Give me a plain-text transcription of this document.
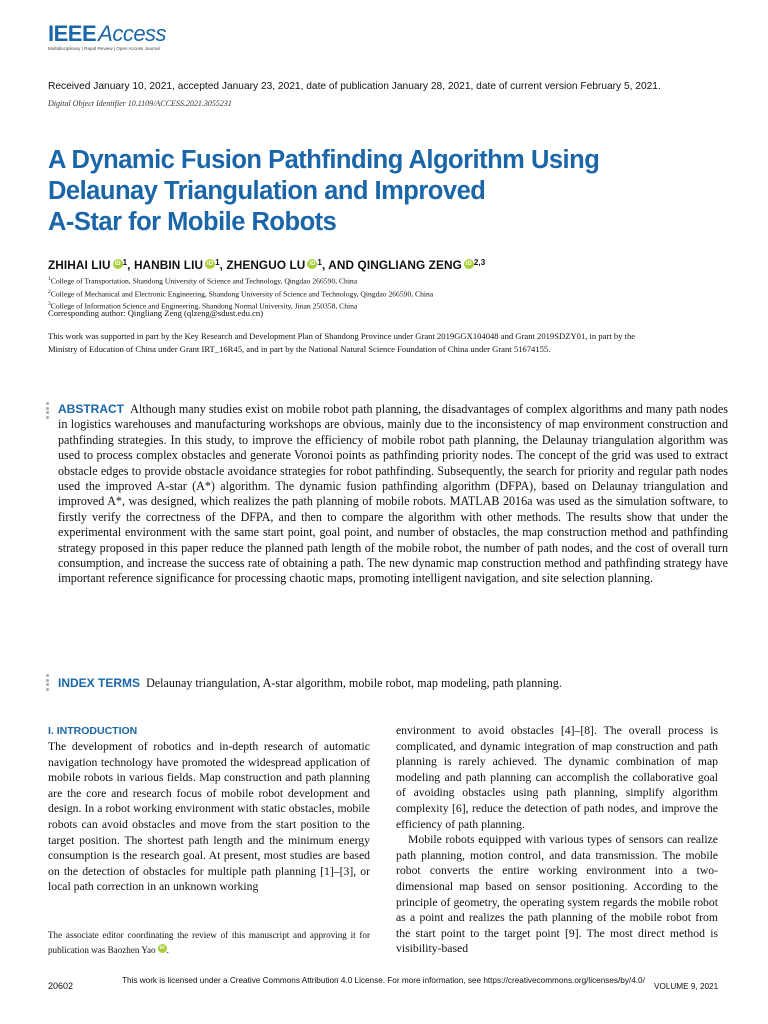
IEEEAccess
Multidisciplinary | Rapid Review | Open Access Journal
Received January 10, 2021, accepted January 23, 2021, date of publication January 28, 2021, date of current version February 5, 2021.
Digital Object Identifier 10.1109/ACCESS.2021.3055231
A Dynamic Fusion Pathfinding Algorithm Using
Delaunay Triangulation and Improved
A-Star for Mobile Robots
ZHIHAI LIU iD $^1$, HANBIN LIU iD $^1$, ZHENGUO LU iD $^1$, AND QINGLIANG ZENG iD $^{2,3}$
$^1$College of Transportation, Shandong University of Science and Technology, Qingdao 266590, China
$^2$College of Mechanical and Electronic Engineering, Shandong University of Science and Technology, Qingdao 266590, China
$^3$College of Information Science and Engineering, Shandong Normal University, Jinan 250358, China
Corresponding author: Qingliang Zeng (qlzeng@sdust.edu.cn)
This work was supported in part by the Key Research and Development Plan of Shandong Province under Grant 2019GGX104048 and Grant 2019SDZY01, in part by the Ministry of Education of China under Grant IRT_16R45, and in part by the National Natural Science Foundation of China under Grant 51674155.
ABSTRACT Although many studies exist on mobile robot path planning, the disadvantages of complex algorithms and many path nodes in logistics warehouses and manufacturing workshops are obvious, mainly due to the inconsistency of map environment construction and pathfinding strategies. In this study, to improve the efficiency of mobile robot path planning, the Delaunay triangulation algorithm was used to process complex obstacles and generate Voronoi points as pathfinding priority nodes. The concept of the grid was used to extract obstacle edges to provide obstacle avoidance strategies for robot pathfinding. Subsequently, the search for priority and regular path nodes used the improved A-star (A*) algorithm. The dynamic fusion pathfinding algorithm (DFPA), based on Delaunay triangulation and improved A*, was designed, which realizes the path planning of mobile robots. MATLAB 2016a was used as the simulation software, to firstly verify the correctness of the DFPA, and then to compare the algorithm with other methods. The results show that under the experimental environment with the same start point, goal point, and number of obstacles, the map construction method and pathfinding strategy proposed in this paper reduce the planned path length of the mobile robot, the number of path nodes, and the cost of overall turn consumption, and increase the success rate of obtaining a path. The new dynamic map construction method and pathfinding strategy have important reference significance for processing chaotic maps, promoting intelligent navigation, and site selection planning.
INDEX TERMS Delaunay triangulation, A-star algorithm, mobile robot, map modeling, path planning.
I. INTRODUCTION

The development of robotics and in-depth research of automatic navigation technology have promoted the widespread application of mobile robots in various fields. Map construction and path planning are the core and research focus of mobile robot development and design. In a robot working environment with static obstacles, mobile robots can avoid obstacles and move from the start position to the target position. The shortest path length and the minimum energy consumption is the research goal. At present, most studies are based on the detection of obstacles for multiple path planning [1]–[3], or local path correction in an unknown working

environment to avoid obstacles [4]–[8]. The overall process is complicated, and dynamic integration of map construction and path planning is rarely achieved. The dynamic combination of map modeling and path planning can accomplish the collaborative goal of avoiding obstacles using path planning, simplify algorithm complexity [6], reduce the detection of path nodes, and improve the efficiency of path planning.

Mobile robots equipped with various types of sensors can realize path planning, motion control, and data transmission. The mobile robot converts the entire working environment into a two-dimensional map based on sensor positioning. According to the principle of geometry, the operating system regards the mobile robot as a point and realizes the path planning of the mobile robot from the start point to the target point [9]. The most direct method is visibility-based

The associate editor coordinating the review of this manuscript and approving it for publication was Baozhen Yao iD .
20602
This work is licensed under a Creative Commons Attribution 4.0 License. For more information, see https://creativecommons.org/licenses/by/4.0/
VOLUME 9, 2021
